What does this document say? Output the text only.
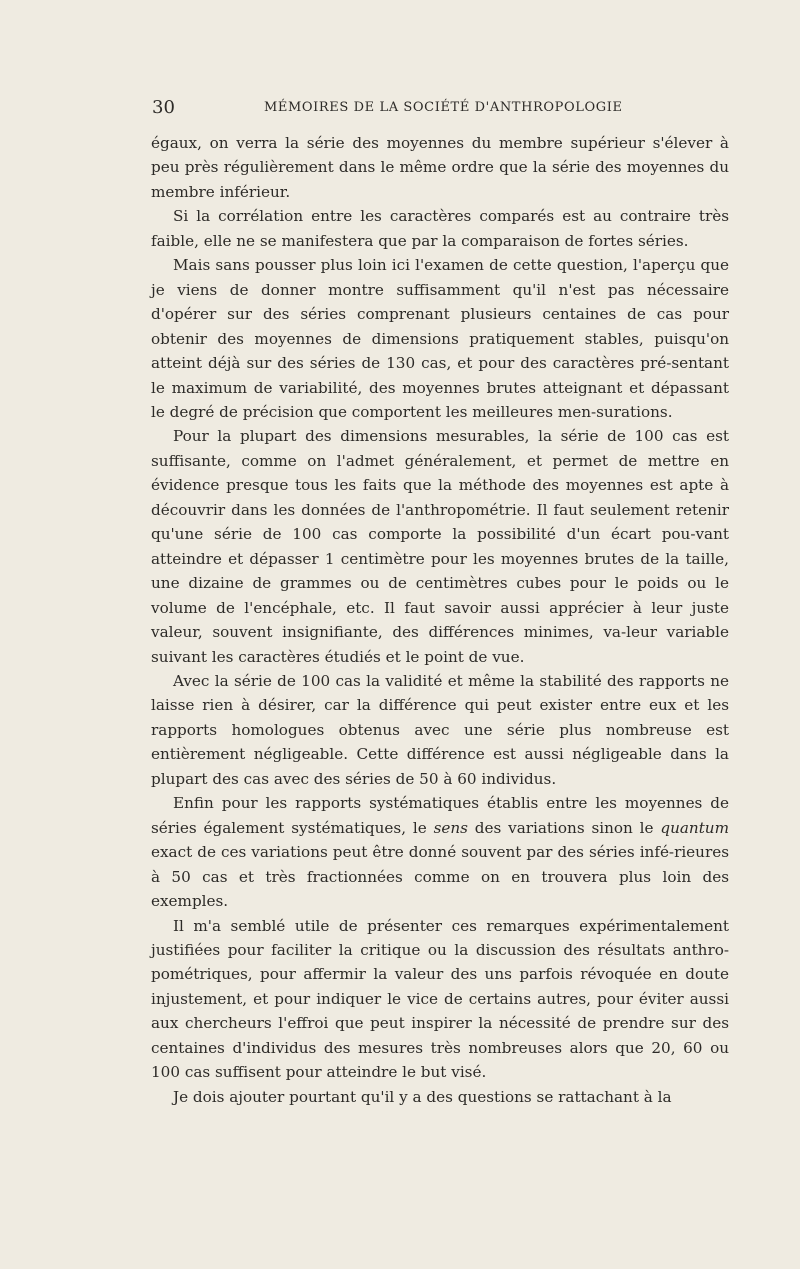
30	MÉMOIRES DE LA SOCIÉTÉ D'ANTHROPOLOGIE

égaux, on verra la série des moyennes du membre supérieur s'élever à peu près régulièrement dans le même ordre que la série des moyennes du membre inférieur.

Si la corrélation entre les caractères comparés est au contraire très faible, elle ne se manifestera que par la comparaison de fortes séries.

Mais sans pousser plus loin ici l'examen de cette question, l'aperçu que je viens de donner montre suffisamment qu'il n'est pas nécessaire d'opérer sur des séries comprenant plusieurs centaines de cas pour obtenir des moyennes de dimensions pratiquement stables, puisqu'on atteint déjà sur des séries de 130 cas, et pour des caractères pré-sentant le maximum de variabilité, des moyennes brutes atteignant et dépassant le degré de précision que comportent les meilleures men-surations.

Pour la plupart des dimensions mesurables, la série de 100 cas est suffisante, comme on l'admet généralement, et permet de mettre en évidence presque tous les faits que la méthode des moyennes est apte à découvrir dans les données de l'anthropométrie. Il faut seulement retenir qu'une série de 100 cas comporte la possibilité d'un écart pou-vant atteindre et dépasser 1 centimètre pour les moyennes brutes de la taille, une dizaine de grammes ou de centimètres cubes pour le poids ou le volume de l'encéphale, etc. Il faut savoir aussi apprécier à leur juste valeur, souvent insignifiante, des différences minimes, va-leur variable suivant les caractères étudiés et le point de vue.

Avec la série de 100 cas la validité et même la stabilité des rapports ne laisse rien à désirer, car la différence qui peut exister entre eux et les rapports homologues obtenus avec une série plus nombreuse est entièrement négligeable. Cette différence est aussi négligeable dans la plupart des cas avec des séries de 50 à 60 individus.

Enfin pour les rapports systématiques établis entre les moyennes de séries également systématiques, le sens des variations sinon le quantum exact de ces variations peut être donné souvent par des séries infé-rieures à 50 cas et très fractionnées comme on en trouvera plus loin des exemples.

Il m'a semblé utile de présenter ces remarques expérimentalement justifiées pour faciliter la critique ou la discussion des résultats anthro-pométriques, pour affermir la valeur des uns parfois révoquée en doute injustement, et pour indiquer le vice de certains autres, pour éviter aussi aux chercheurs l'effroi que peut inspirer la nécessité de prendre sur des centaines d'individus des mesures très nombreuses alors que 20, 60 ou 100 cas suffisent pour atteindre le but visé.

Je dois ajouter pourtant qu'il y a des questions se rattachant à la
